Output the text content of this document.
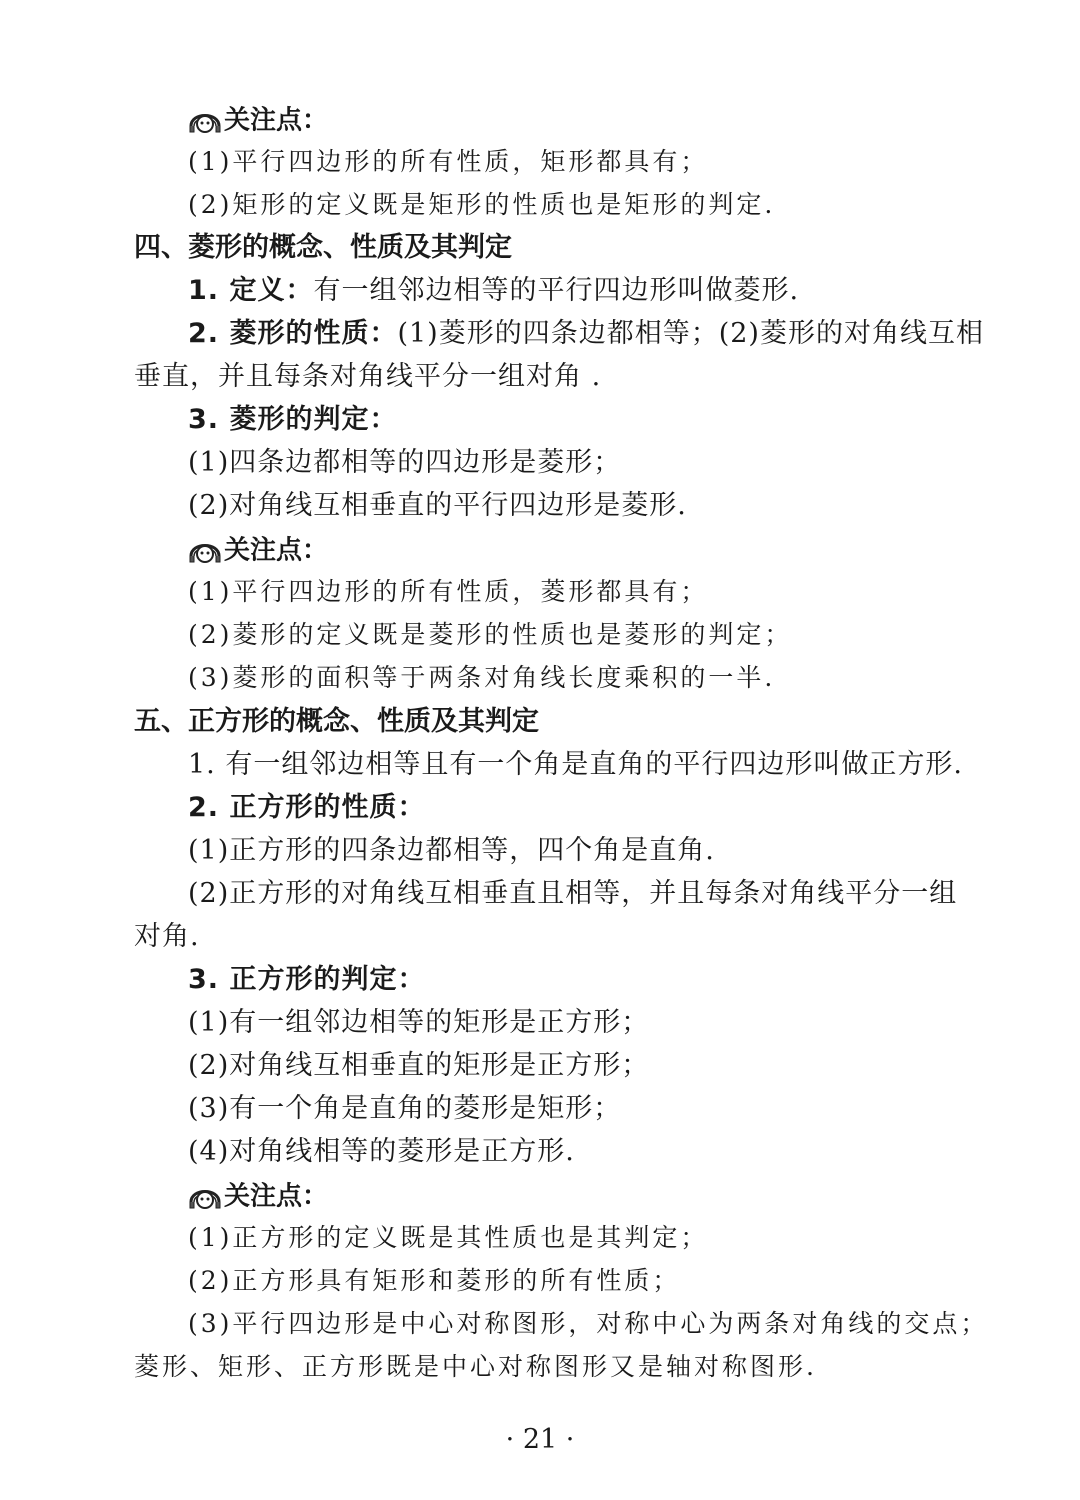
关注点：
(1)平行四边形的所有性质，矩形都具有；
(2)矩形的定义既是矩形的性质也是矩形的判定.
四、菱形的概念、性质及其判定
1. 定义：有一组邻边相等的平行四边形叫做菱形.
2. 菱形的性质：(1)菱形的四条边都相等；(2)菱形的对角线互相
垂直，并且每条对角线平分一组对角 .
3. 菱形的判定：
(1)四条边都相等的四边形是菱形；
(2)对角线互相垂直的平行四边形是菱形.
关注点：
(1)平行四边形的所有性质，菱形都具有；
(2)菱形的定义既是菱形的性质也是菱形的判定；
(3)菱形的面积等于两条对角线长度乘积的一半.
五、正方形的概念、性质及其判定
1. 有一组邻边相等且有一个角是直角的平行四边形叫做正方形.
2. 正方形的性质：
(1)正方形的四条边都相等，四个角是直角.
(2)正方形的对角线互相垂直且相等，并且每条对角线平分一组
对角.
3. 正方形的判定：
(1)有一组邻边相等的矩形是正方形；
(2)对角线互相垂直的矩形是正方形；
(3)有一个角是直角的菱形是矩形；
(4)对角线相等的菱形是正方形.
关注点：
(1)正方形的定义既是其性质也是其判定；
(2)正方形具有矩形和菱形的所有性质；
(3)平行四边形是中心对称图形，对称中心为两条对角线的交点；
菱形、矩形、正方形既是中心对称图形又是轴对称图形.
· 21 ·
